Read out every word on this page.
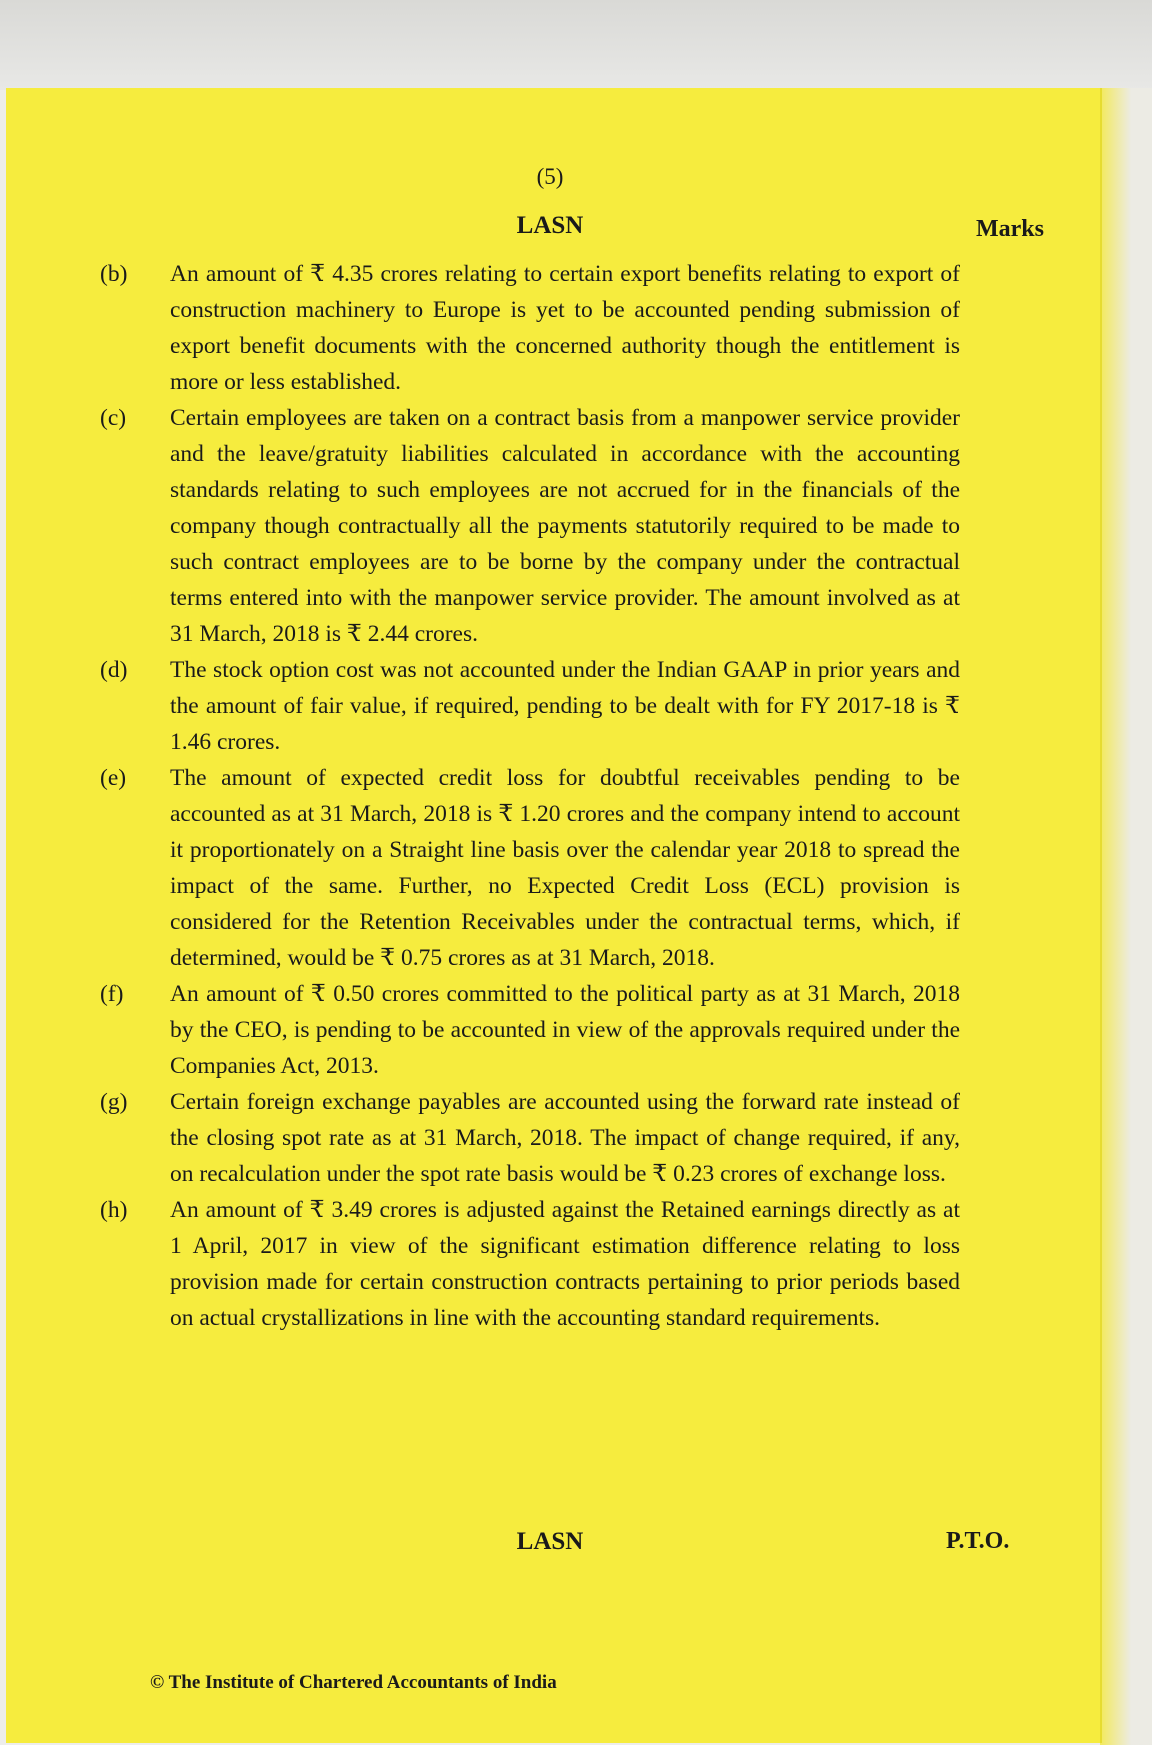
(5)
LASN	Marks
(b)	An amount of ₹ 4.35 crores relating to certain export benefits relating to export of construction machinery to Europe is yet to be accounted pending submission of export benefit documents with the concerned authority though the entitlement is more or less established.
(c)	Certain employees are taken on a contract basis from a manpower service provider and the leave/gratuity liabilities calculated in accordance with the accounting standards relating to such employees are not accrued for in the financials of the company though contractually all the payments statutorily required to be made to such contract employees are to be borne by the company under the contractual terms entered into with the manpower service provider. The amount involved as at 31 March, 2018 is ₹ 2.44 crores.
(d)	The stock option cost was not accounted under the Indian GAAP in prior years and the amount of fair value, if required, pending to be dealt with for FY 2017-18 is ₹ 1.46 crores.
(e)	The amount of expected credit loss for doubtful receivables pending to be accounted as at 31 March, 2018 is ₹ 1.20 crores and the company intend to account it proportionately on a Straight line basis over the calendar year 2018 to spread the impact of the same. Further, no Expected Credit Loss (ECL) provision is considered for the Retention Receivables under the contractual terms, which, if determined, would be ₹ 0.75 crores as at 31 March, 2018.
(f)	An amount of ₹ 0.50 crores committed to the political party as at 31 March, 2018 by the CEO, is pending to be accounted in view of the approvals required under the Companies Act, 2013.
(g)	Certain foreign exchange payables are accounted using the forward rate instead of the closing spot rate as at 31 March, 2018. The impact of change required, if any, on recalculation under the spot rate basis would be ₹ 0.23 crores of exchange loss.
(h)	An amount of ₹ 3.49 crores is adjusted against the Retained earnings directly as at 1 April, 2017 in view of the significant estimation difference relating to loss provision made for certain construction contracts pertaining to prior periods based on actual crystallizations in line with the accounting standard requirements.
LASN	P.T.O.
© The Institute of Chartered Accountants of India
